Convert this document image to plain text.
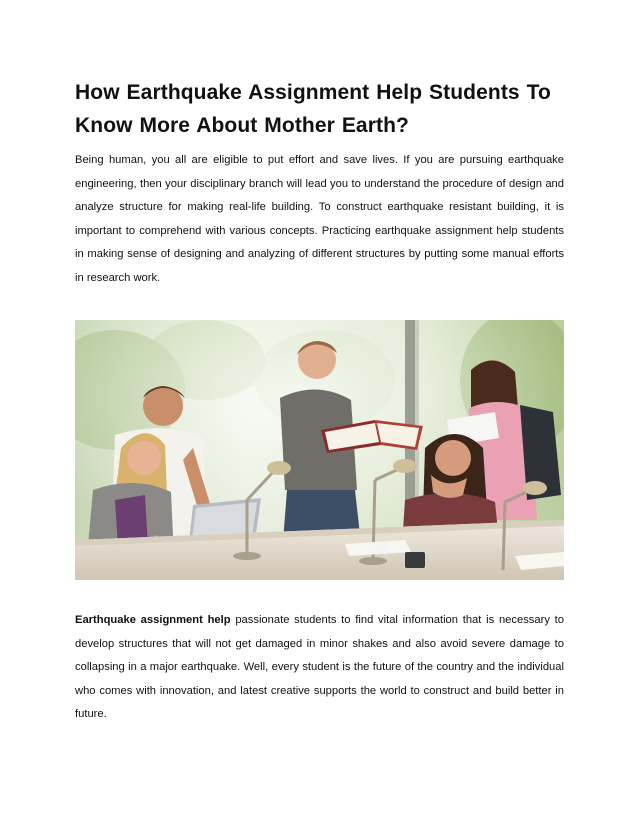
How Earthquake Assignment Help Students To Know More About Mother Earth?

Being human, you all are eligible to put effort and save lives. If you are pursuing earthquake engineering, then your disciplinary branch will lead you to understand the procedure of design and analyze structure for making real-life building. To construct earthquake resistant building, it is important to comprehend with various concepts. Practicing earthquake assignment help students in making sense of designing and analyzing of different structures by putting some manual efforts in research work.

Earthquake assignment help passionate students to find vital information that is necessary to develop structures that will not get damaged in minor shakes and also avoid severe damage to collapsing in a major earthquake. Well, every student is the future of the country and the individual who comes with innovation, and latest creative supports the world to construct and build better in future.
